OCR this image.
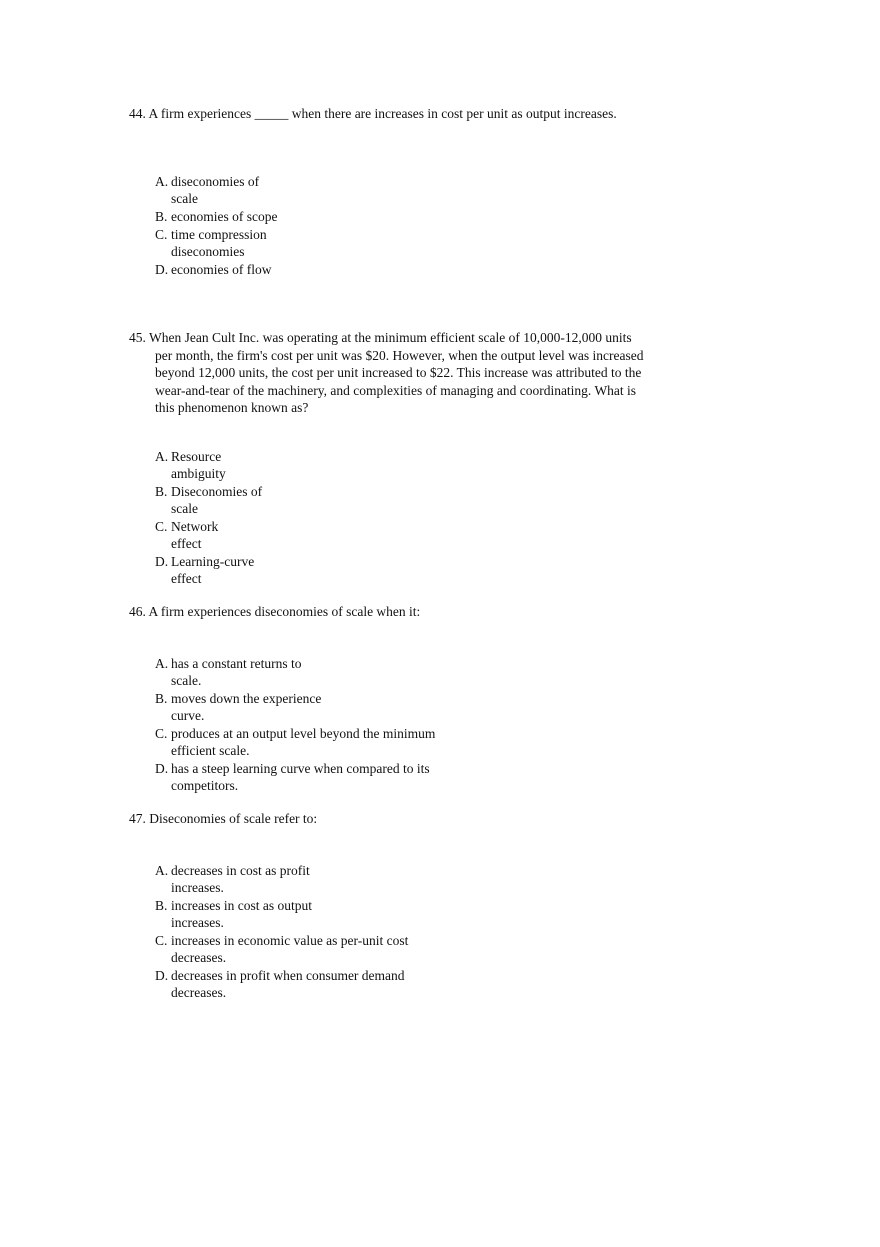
44. A firm experiences _____ when there are increases in cost per unit as output increases.
A. diseconomies of scale
B. economies of scope
C. time compression diseconomies
D. economies of flow
45. When Jean Cult Inc. was operating at the minimum efficient scale of 10,000-12,000 units per month, the firm's cost per unit was $20. However, when the output level was increased beyond 12,000 units, the cost per unit increased to $22. This increase was attributed to the wear-and-tear of the machinery, and complexities of managing and coordinating. What is this phenomenon known as?
A. Resource ambiguity
B. Diseconomies of scale
C. Network effect
D. Learning-curve effect
46. A firm experiences diseconomies of scale when it:
A. has a constant returns to scale.
B. moves down the experience curve.
C. produces at an output level beyond the minimum efficient scale.
D. has a steep learning curve when compared to its competitors.
47. Diseconomies of scale refer to:
A. decreases in cost as profit increases.
B. increases in cost as output increases.
C. increases in economic value as per-unit cost decreases.
D. decreases in profit when consumer demand decreases.
